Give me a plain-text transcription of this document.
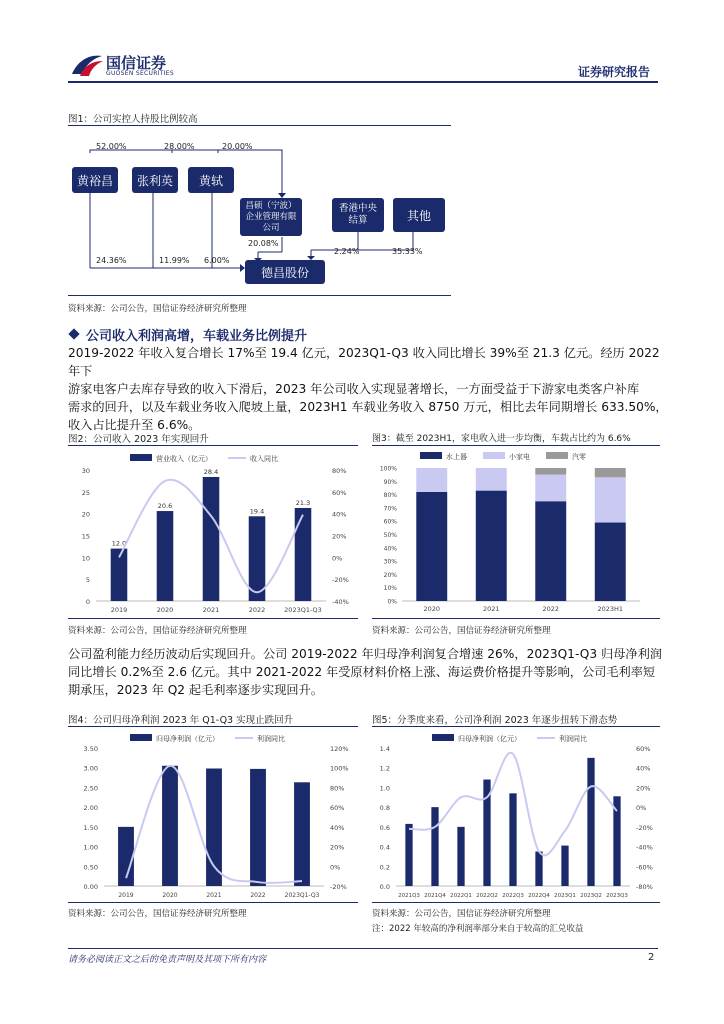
国信证券
GUOSEN SECURITIES	证券研究报告
图1：公司实控人持股比例较高
52.00%	28.00%	20.00%
黄裕昌	张利英	黄轼
昌硕（宁波）企业管理有限公司
香港中央结算	其他
20.08%
2.24%	35.33%
24.36%	11.99% 6.00%
德昌股份
资料来源：公司公告，国信证券经济研究所整理
公司收入利润高增，车载业务比例提升
2019-2022 年收入复合增长 17%至 19.4 亿元，2023Q1-Q3 收入同比增长 39%至 21.3 亿元。经历 2022 年下
游家电客户去库存导致的收入下滑后，2023 年公司收入实现显著增长，一方面受益于下游家电类客户补库
需求的回升，以及车载业务收入爬坡上量，2023H1 车载业务收入 8750 万元，相比去年同期增长 633.50%，
收入占比提升至 6.6%。
图2：公司收入 2023 年实现回升	图3：截至 2023H1，家电收入进一步均衡，车载占比约为 6.6%
营业收入（亿元）	收入同比
0
5
10
15
20
25
30
-40%
-20%
0%
20%
40%
60%
80%
12.0
2019
20.6
2020
28.4
2021
19.4
2022
21.3
2023Q1-Q3
水上器	小家电	汽零
0%
10%
20%
30%
40%
50%
60%
70%
80%
90%
100%
2020	2021	2022	2023H1
资料来源：公司公告，国信证券经济研究所整理	资料来源：公司公告，国信证券经济研究所整理
公司盈利能力经历波动后实现回升。公司 2019-2022 年归母净利润复合增速 26%，2023Q1-Q3 归母净利润
同比增长 0.2%至 2.6 亿元。其中 2021-2022 年受原材料价格上涨、海运费价格提升等影响，公司毛利率短
期承压，2023 年 Q2 起毛利率逐步实现回升。
图4：公司归母净利润 2023 年 Q1-Q3 实现止跌回升	图5：分季度来看，公司净利润 2023 年逐步扭转下滑态势
归母净利润（亿元）	利润同比
0.00
0.50
1.00
1.50
2.00
2.50
3.00
3.50
-20%
0%
20%
40%
60%
80%
100%
120%
2019	2020	2021	2022	2023Q1-Q3
归母净利润（亿元）	利润同比
0.0
0.2
0.4
0.6
0.8
1.0
1.2
1.4
-80%
-60%
-40%
-20%
0%
20%
40%
60%
2021Q3 2021Q4 2022Q1 2022Q2 2022Q3 2022Q4 2023Q1 2023Q2 2023Q3
资料来源：公司公告，国信证券经济研究所整理	资料来源：公司公告，国信证券经济研究所整理
注：2022 年较高的净利润率部分来自于较高的汇兑收益
请务必阅读正文之后的免责声明及其项下所有内容	2
